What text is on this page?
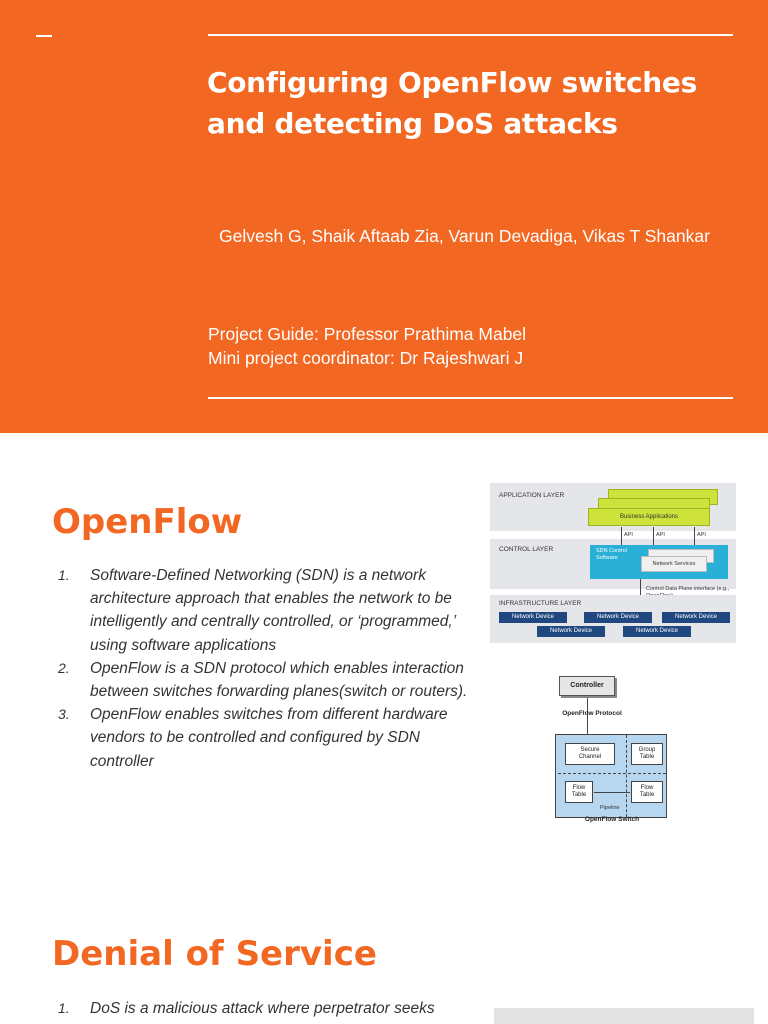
Configuring OpenFlow switches and detecting DoS attacks
Gelvesh G, Shaik Aftaab Zia, Varun Devadiga, Vikas T Shankar
Project Guide: Professor Prathima Mabel
Mini project coordinator: Dr Rajeshwari J
OpenFlow
1. Software-Defined Networking (SDN) is a network architecture approach that enables the network to be intelligently and centrally controlled, or ‘programmed,’ using software applications
2. OpenFlow is a SDN protocol which enables interaction between switches forwarding planes(switch or routers).
3. OpenFlow enables switches from different hardware vendors to be controlled and configured by SDN controller
APPLICATION LAYER
Business Applications
CONTROL LAYER
API	API	API
SDN Control Software
Network Services
Control Data Plane interface (e.g.,
INFRASTRUCTURE LAYER
Network Device	Network Device	Network Device
Network Device	Network Device
Controller
OpenFlow Protocol
Secure Channel
Group Table
Flow Table
Flow Table
Pipeline
OpenFlow Switch
Denial of Service
1. DoS is a malicious attack where perpetrator seeks
